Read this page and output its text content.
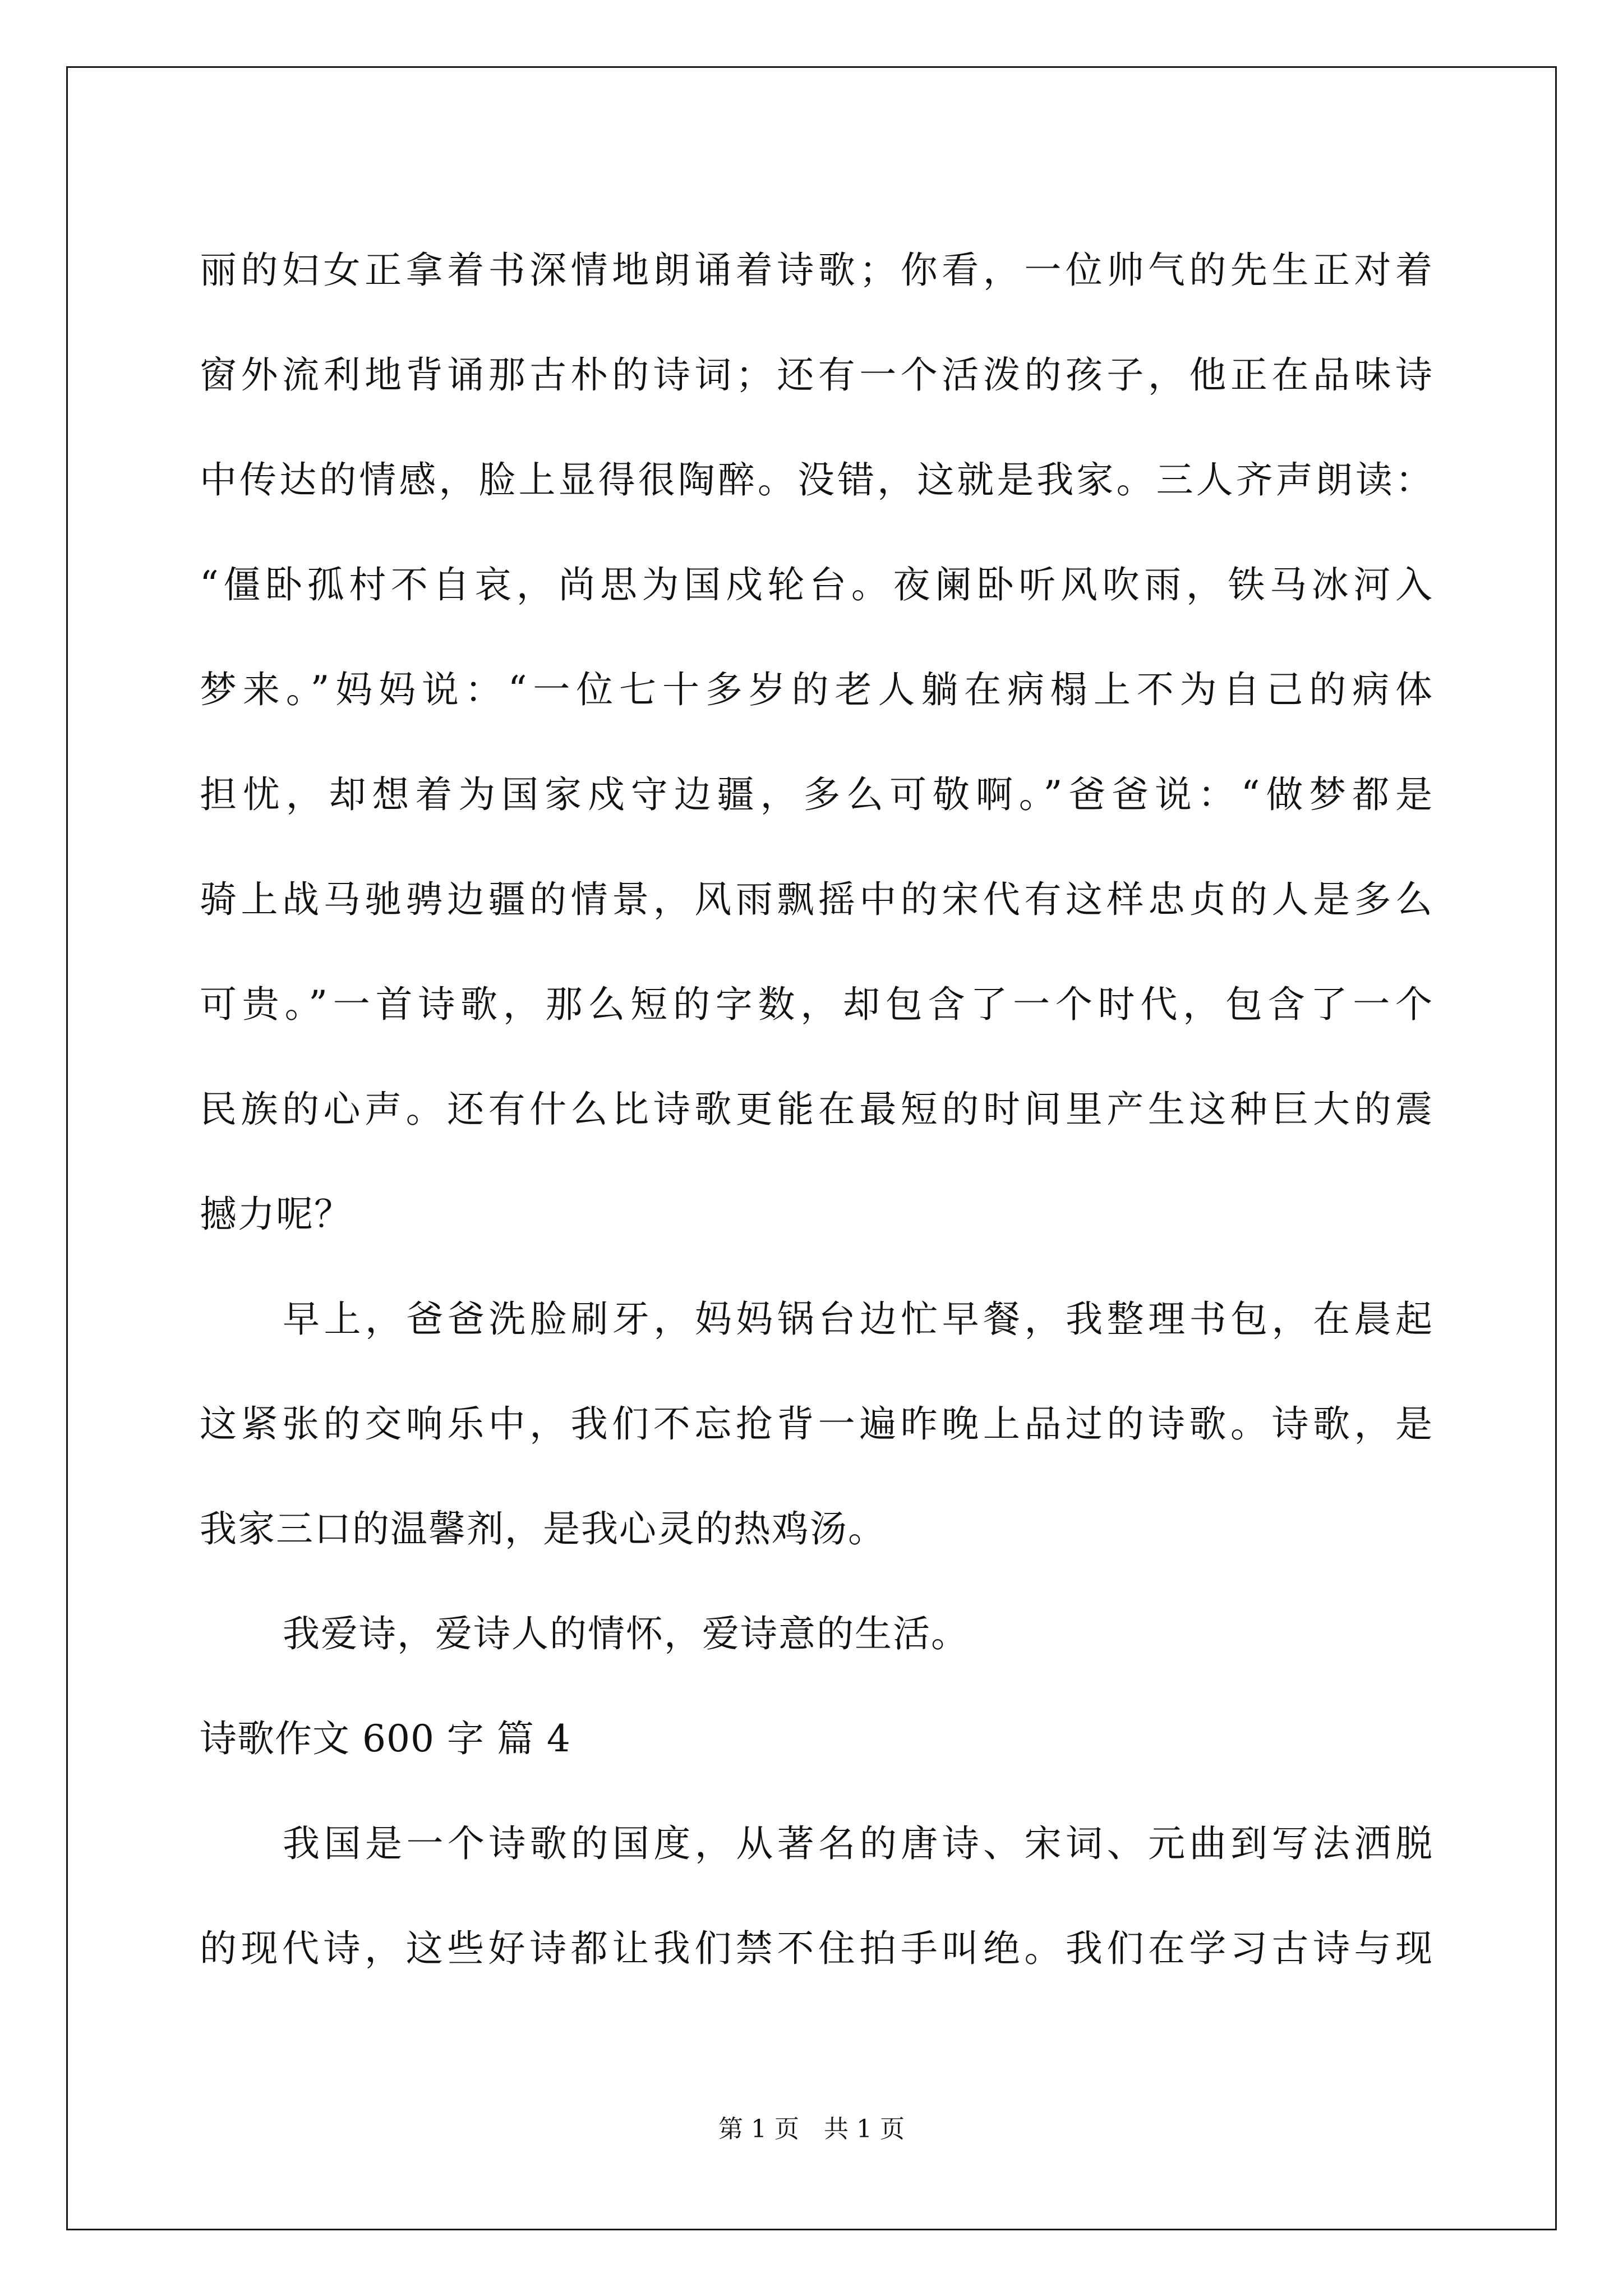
丽的妇女正拿着书深情地朗诵着诗歌；你看，一位帅气的先生正对着
窗外流利地背诵那古朴的诗词；还有一个活泼的孩子，他正在品味诗
中传达的情感，脸上显得很陶醉。没错，这就是我家。三人齐声朗读：
“僵卧孤村不自哀，尚思为国戍轮台。夜阑卧听风吹雨，铁马冰河入
梦来。”妈妈说：“一位七十多岁的老人躺在病榻上不为自己的病体
担忧，却想着为国家戍守边疆，多么可敬啊。”爸爸说：“做梦都是
骑上战马驰骋边疆的情景，风雨飘摇中的宋代有这样忠贞的人是多么
可贵。”一首诗歌，那么短的字数，却包含了一个时代，包含了一个
民族的心声。还有什么比诗歌更能在最短的时间里产生这种巨大的震
撼力呢？
早上，爸爸洗脸刷牙，妈妈锅台边忙早餐，我整理书包，在晨起
这紧张的交响乐中，我们不忘抢背一遍昨晚上品过的诗歌。诗歌，是
我家三口的温馨剂，是我心灵的热鸡汤。
我爱诗，爱诗人的情怀，爱诗意的生活。
诗歌作文 600 字 篇 4
我国是一个诗歌的国度，从著名的唐诗、宋词、元曲到写法洒脱
的现代诗，这些好诗都让我们禁不住拍手叫绝。我们在学习古诗与现
第 1 页 共 1 页
